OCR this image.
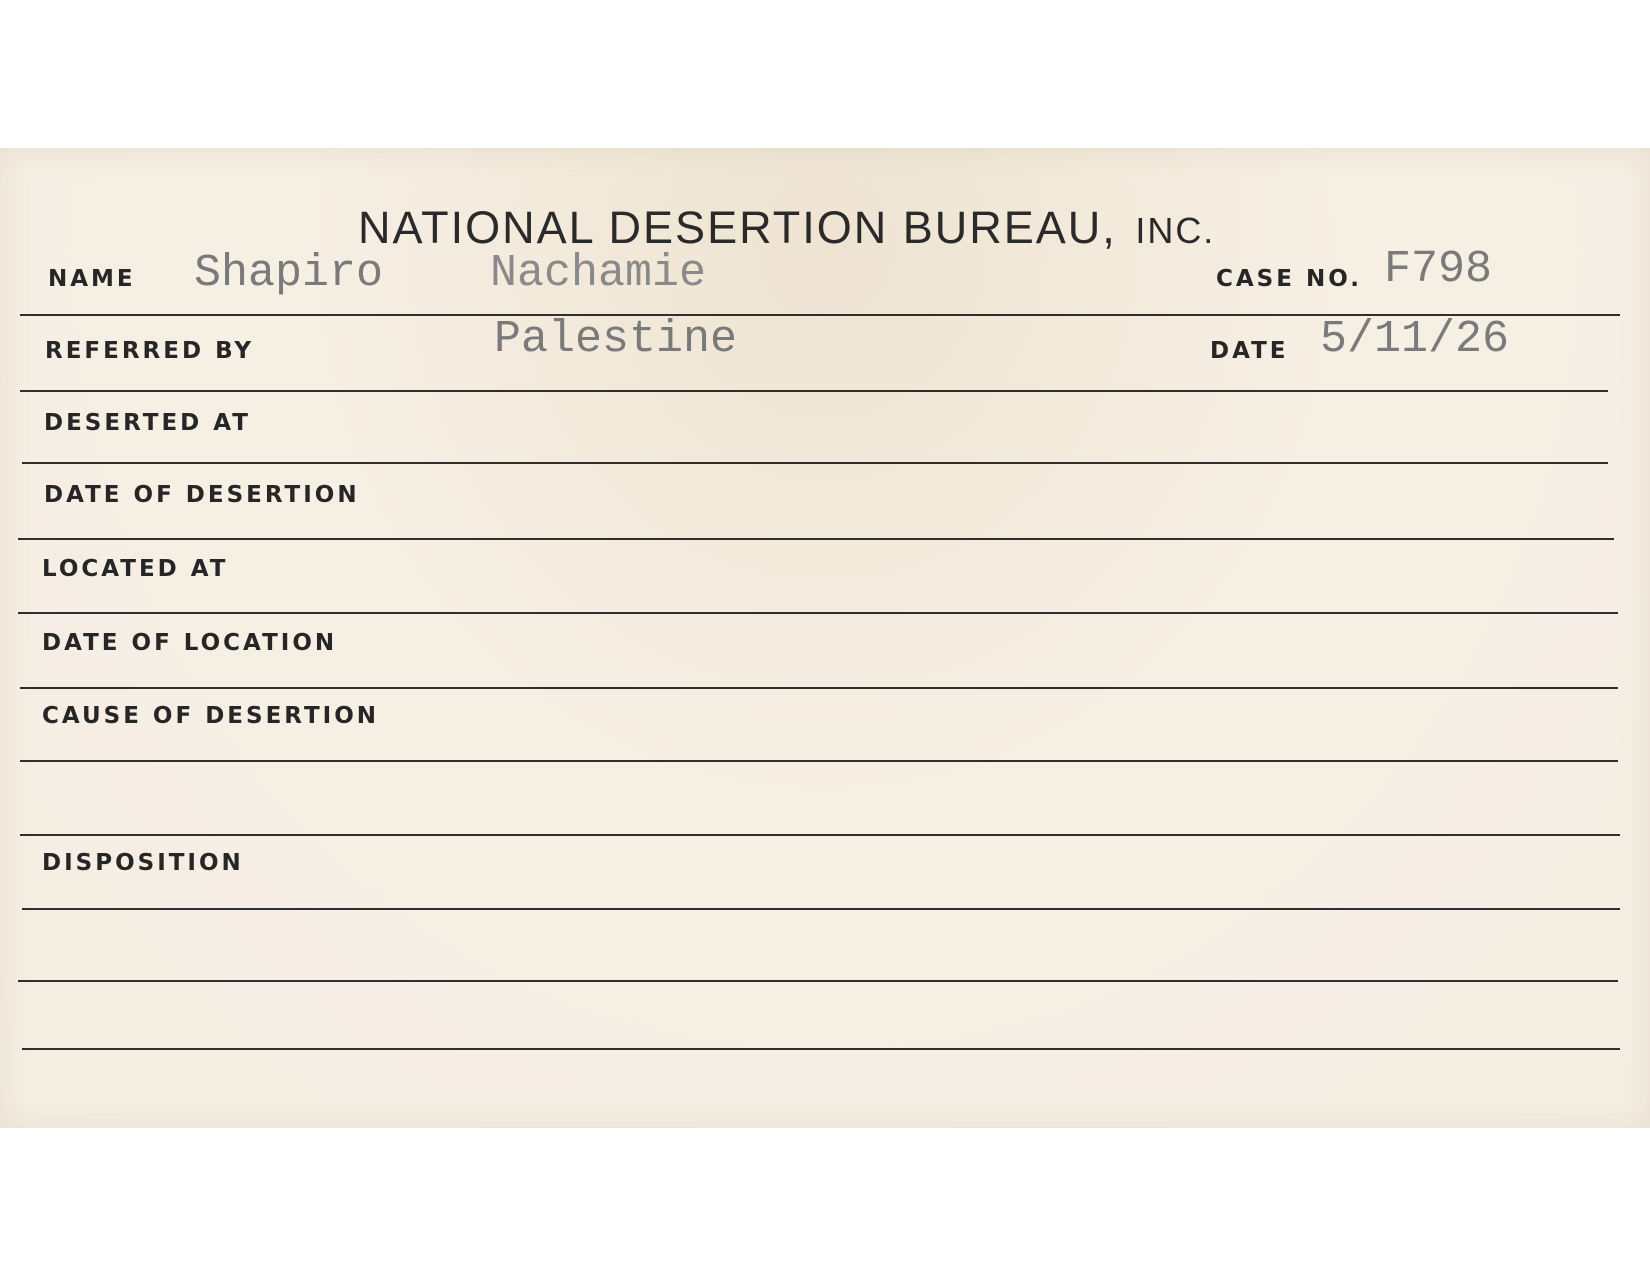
NATIONAL DESERTION BUREAU, INC.
NAME Shapiro Nachamie	CASE NO. F798
REFERRED BY	Palestine	DATE 5/11/26
DESERTED AT
DATE OF DESERTION
LOCATED AT
DATE OF LOCATION
CAUSE OF DESERTION
DISPOSITION
